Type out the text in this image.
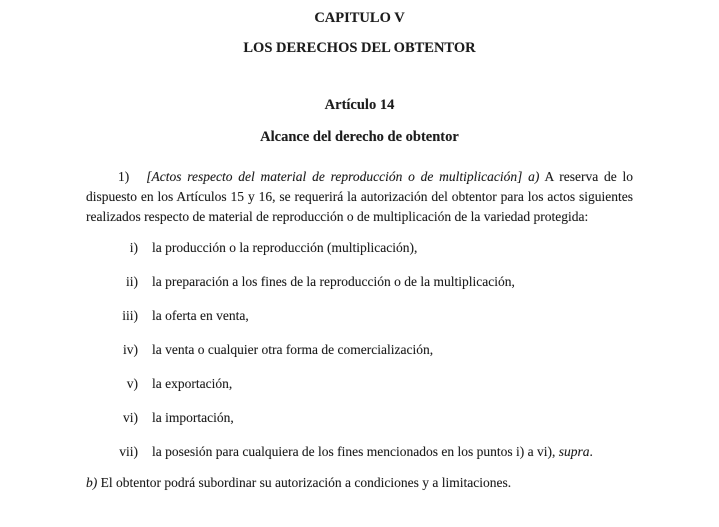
CAPITULO V
LOS DERECHOS DEL OBTENTOR
Artículo 14
Alcance del derecho de obtentor

1) [Actos respecto del material de reproducción o de multiplicación] a) A reserva de lo dispuesto en los Artículos 15 y 16, se requerirá la autorización del obtentor para los actos siguientes realizados respecto de material de reproducción o de multiplicación de la variedad protegida:

i) la producción o la reproducción (multiplicación),
ii) la preparación a los fines de la reproducción o de la multiplicación,
iii) la oferta en venta,
iv) la venta o cualquier otra forma de comercialización,
v) la exportación,
vi) la importación,
vii) la posesión para cualquiera de los fines mencionados en los puntos i) a vi), supra.

b) El obtentor podrá subordinar su autorización a condiciones y a limitaciones.
